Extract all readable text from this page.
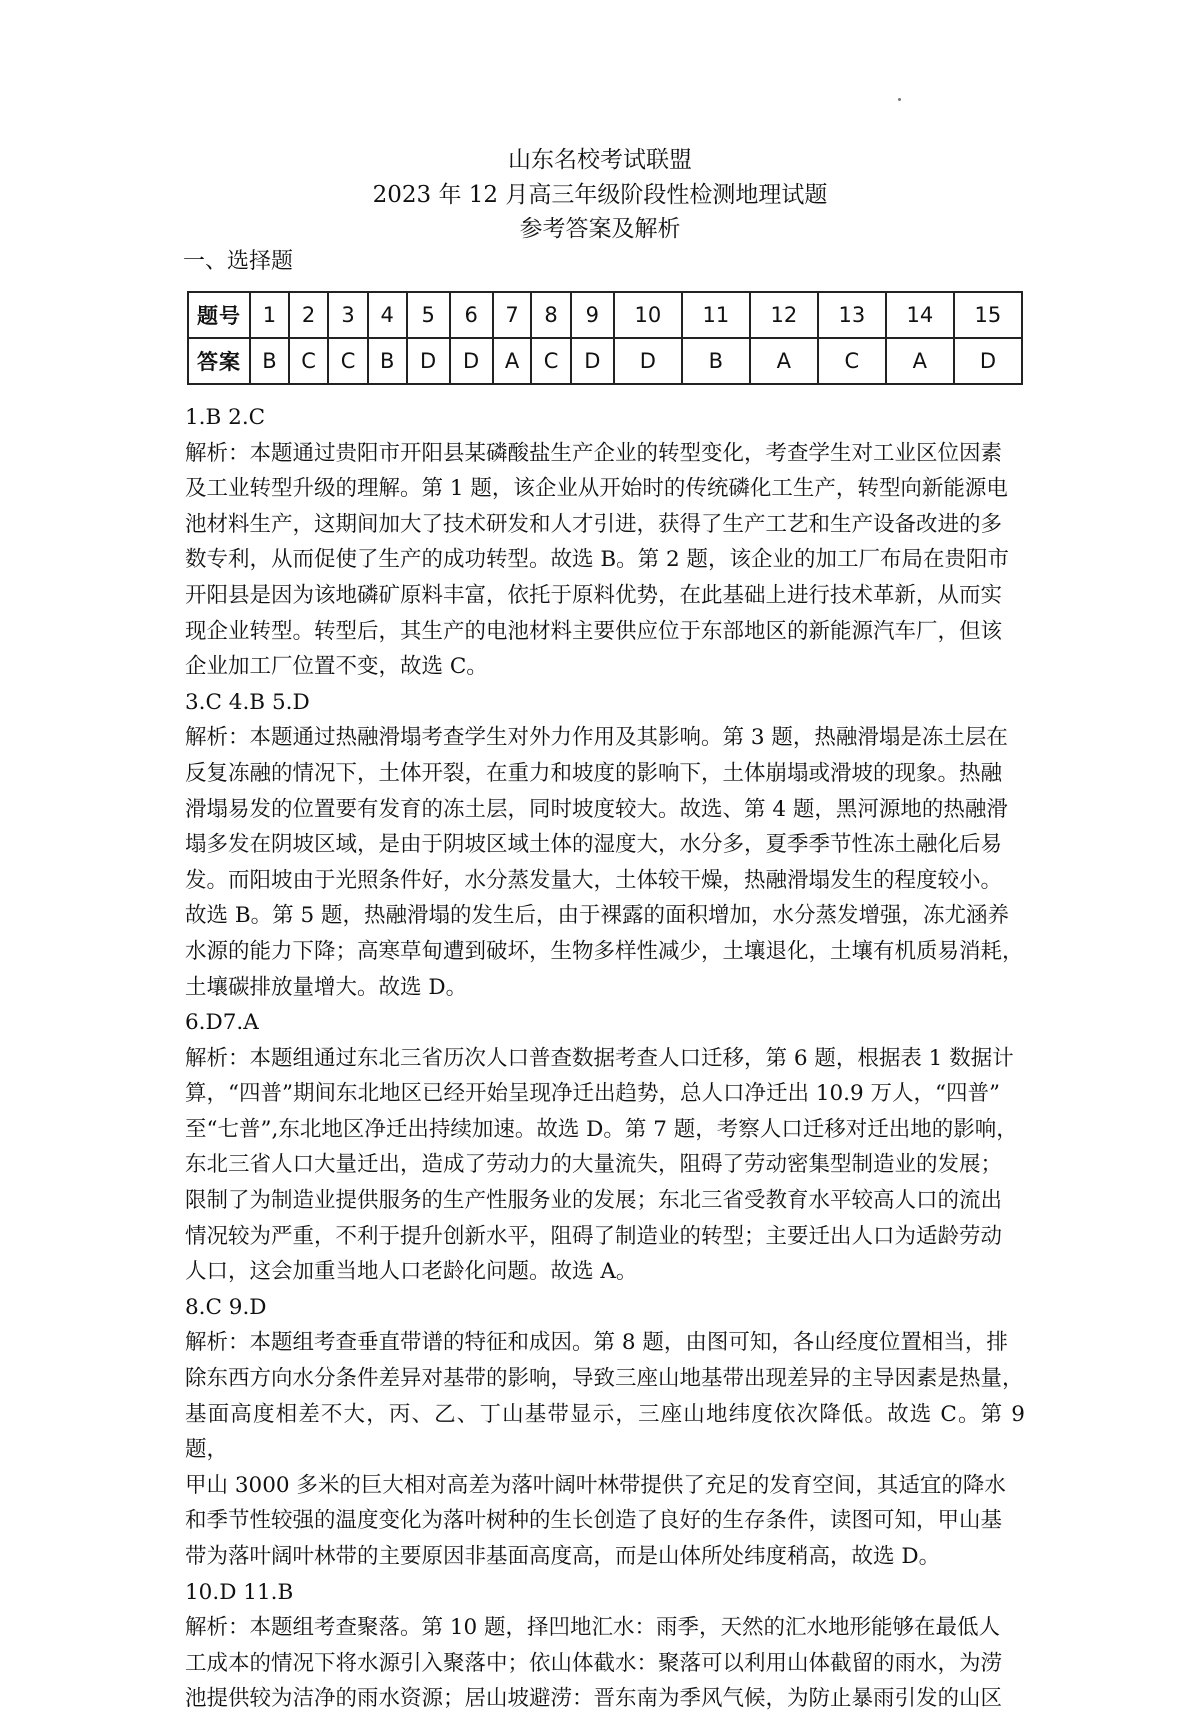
山东名校考试联盟
2023 年 12 月高三年级阶段性检测地理试题
参考答案及解析
一、选择题
题号	1	2	3	4	5	6	7	8	9	10	11	12	13	14	15
答案	B	C	C	B	D	D	A	C	D	D	B	A	C	A	D

1.B 2.C

解析：本题通过贵阳市开阳县某磷酸盐生产企业的转型变化，考查学生对工业区位因素

及工业转型升级的理解。第 1 题，该企业从开始时的传统磷化工生产，转型向新能源电

池材料生产，这期间加大了技术研发和人才引进，获得了生产工艺和生产设备改进的多

数专利，从而促使了生产的成功转型。故选 B。第 2 题，该企业的加工厂布局在贵阳市

开阳县是因为该地磷矿原料丰富，依托于原料优势，在此基础上进行技术革新，从而实

现企业转型。转型后，其生产的电池材料主要供应位于东部地区的新能源汽车厂，但该

企业加工厂位置不变，故选 C。

3.C 4.B 5.D

解析：本题通过热融滑塌考查学生对外力作用及其影响。第 3 题，热融滑塌是冻土层在

反复冻融的情况下，土体开裂，在重力和坡度的影响下，土体崩塌或滑坡的现象。热融

滑塌易发的位置要有发育的冻土层，同时坡度较大。故选、第 4 题，黑河源地的热融滑

塌多发在阴坡区域，是由于阴坡区域土体的湿度大，水分多，夏季季节性冻土融化后易

发。而阳坡由于光照条件好，水分蒸发量大，土体较干燥，热融滑塌发生的程度较小。

故选 B。第 5 题，热融滑塌的发生后，由于裸露的面积增加，水分蒸发增强，冻尤涵养

水源的能力下降；高寒草甸遭到破坏，生物多样性减少，土壤退化，土壤有机质易消耗，

土壤碳排放量增大。故选 D。

6.D7.A

解析：本题组通过东北三省历次人口普查数据考查人口迁移，第 6 题，根据表 1 数据计

算，“四普”期间东北地区已经开始呈现净迁出趋势，总人口净迁出 10.9 万人，“四普”

至“七普”,东北地区净迁出持续加速。故选 D。第 7 题，考察人口迁移对迁出地的影响，

东北三省人口大量迁出，造成了劳动力的大量流失，阻碍了劳动密集型制造业的发展；

限制了为制造业提供服务的生产性服务业的发展；东北三省受教育水平较高人口的流出

情况较为严重，不利于提升创新水平，阻碍了制造业的转型；主要迁出人口为适龄劳动

人口，这会加重当地人口老龄化问题。故选 A。

8.C 9.D

解析：本题组考查垂直带谱的特征和成因。第 8 题，由图可知，各山经度位置相当，排

除东西方向水分条件差异对基带的影响，导致三座山地基带出现差异的主导因素是热量，

基面高度相差不大，丙、乙、丁山基带显示，三座山地纬度依次降低。故选 C。第 9 题，

甲山 3000 多米的巨大相对高差为落叶阔叶林带提供了充足的发育空间，其适宜的降水

和季节性较强的温度变化为落叶树种的生长创造了良好的生存条件，读图可知，甲山基

带为落叶阔叶林带的主要原因非基面高度高，而是山体所处纬度稍高，故选 D。

10.D 11.B

解析：本题组考查聚落。第 10 题，择凹地汇水：雨季，天然的汇水地形能够在最低人

工成本的情况下将水源引入聚落中；依山体截水：聚落可以利用山体截留的雨水，为涝

池提供较为洁净的雨水资源；居山坡避涝：晋东南为季风气候，为防止暴雨引发的山区
